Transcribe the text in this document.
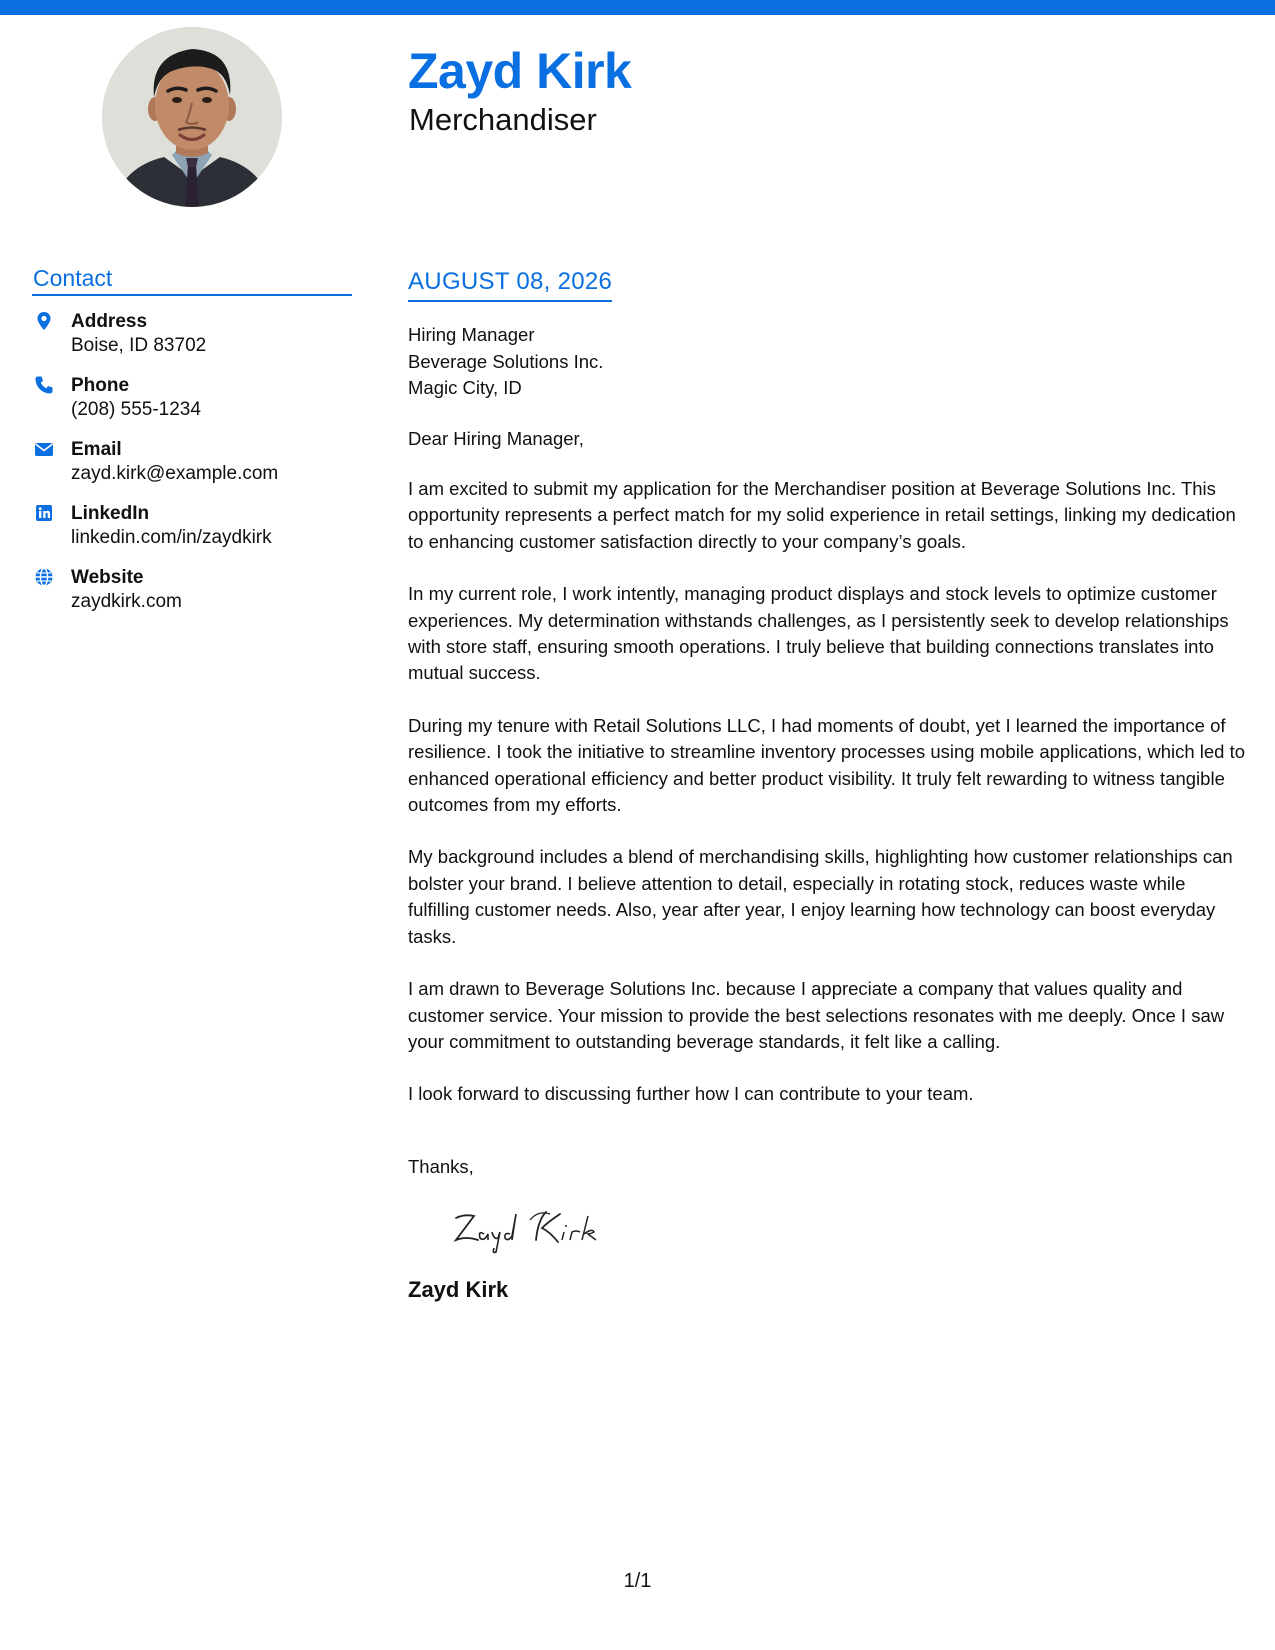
Zayd Kirk
Merchandiser
Contact
Address
Boise, ID 83702
Phone
(208) 555-1234
Email
zayd.kirk@example.com
LinkedIn
linkedin.com/in/zaydkirk
Website
zaydkirk.com
AUGUST 08, 2026
Hiring Manager
Beverage Solutions Inc.
Magic City, ID
Dear Hiring Manager,

I am excited to submit my application for the Merchandiser position at Beverage Solutions Inc. This opportunity represents a perfect match for my solid experience in retail settings, linking my dedication to enhancing customer satisfaction directly to your company’s goals.

In my current role, I work intently, managing product displays and stock levels to optimize customer experiences. My determination withstands challenges, as I persistently seek to develop relationships with store staff, ensuring smooth operations. I truly believe that building connections translates into mutual success.

During my tenure with Retail Solutions LLC, I had moments of doubt, yet I learned the importance of resilience. I took the initiative to streamline inventory processes using mobile applications, which led to enhanced operational efficiency and better product visibility. It truly felt rewarding to witness tangible outcomes from my efforts.

My background includes a blend of merchandising skills, highlighting how customer relationships can bolster your brand. I believe attention to detail, especially in rotating stock, reduces waste while fulfilling customer needs. Also, year after year, I enjoy learning how technology can boost everyday tasks.

I am drawn to Beverage Solutions Inc. because I appreciate a company that values quality and customer service. Your mission to provide the best selections resonates with me deeply. Once I saw your commitment to outstanding beverage standards, it felt like a calling.

I look forward to discussing further how I can contribute to your team.

Thanks,
Zayd Kirk
1/1
